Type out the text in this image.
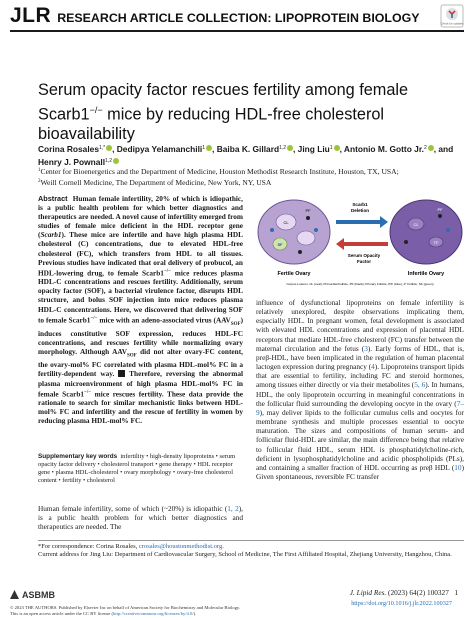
JLR RESEARCH ARTICLE COLLECTION: LIPOPROTEIN BIOLOGY	Check for updates
Serum opacity factor rescues fertility among female
Scarb1−/− mice by reducing HDL-free cholesterol
bioavailability
Corina Rosales$^{1,*}$ , Dedipya Yelamanchili$^1$ , Baiba K. Gillard$^{1,2}$ , Jing Liu$^1$ , Antonio M. Gotto Jr.$^2$ , and
Henry J. Pownall$^{1,2}$
$^1$Center for Bioenergetics and the Department of Medicine, Houston Methodist Research Institute, Houston, TX, USA;
$^2$Weill Cornell Medicine, The Department of Medicine, New York, NY, USA
Abstract Human female infertility, 20% of which is idiopathic, is a public health problem for which better diagnostics and therapeutics are needed. A novel cause of infertility emerged from studies of female mice deficient in the HDL receptor gene (Scarb1). These mice are infertile and have high plasma HDL cholesterol (C) concentrations, due to elevated HDL-free cholesterol (FC), which transfers from HDL to all tissues. Previous studies have indicated that oral delivery of probucol, an HDL-lowering drug, to female Scarb1−/− mice reduces plasma HDL-C concentrations and rescues fertility. Additionally, serum opacity factor (SOF), a bacterial virulence factor, disrupts HDL structure, and bolus SOF injection into mice reduces plasma HDL-C concentrations. Here, we discovered that delivering SOF to female Scarb1−/− mice with an adeno-associated virus $(AAV_{SOF})$ induces constitutive SOF expression, reduces HDL-FC concentrations, and rescues fertility while normalizing ovary morphology. Although $AAV_{SOF}$ did not alter ovary-FC content, the ovary-mol% FC correlated with plasma HDL-mol% FC in a fertility-dependent way.  Therefore, reversing the abnormal plasma microenvironment of high plasma HDL-mol% FC in female Scarb1−/− mice rescues fertility. These data provide the rationale to search for similar mechanistic links between HDL-mol% FC and infertility and the rescue of fertility in women by reducing plasma HDL-mol% FC.
CL
PF
SF
PF
CL
TF
Scarb1
Deletion
Serum Opacity
Factor
Fertile Ovary	Infertile Ovary
Corpus Luteum, CL (oval); Primordial Follicle, PF (black); Primary Follicle, P/F (blue); 2° Follicle, SF (green)
influence of dysfunctional lipoproteins on female infertility is relatively unexplored, despite observations implicating them, especially HDL. In pregnant women, fetal development is associated with elevated HDL concentrations and expression of placental HDL receptors that mediate HDL-free cholesterol (FC) transfer between the maternal circulation and the fetus (3). Early forms of HDL, that is, preβ-HDL, have been implicated in the regulation of human placental lactogen expression during pregnancy (4). Lipoproteins transport lipids that are essential to fertility, including FC and steroid hormones, among tissues either directly or via their metabolites (5, 6). In humans, HDL, the only lipoprotein occurring in meaningful concentrations in the follicular fluid surrounding the developing oocyte in the ovary (7–9), may deliver lipids to the follicular cumulus cells and oocytes for membrane synthesis and multiple processes essential to oocyte maturation. The sizes and compositions of human serum- and follicular fluid-HDL are similar, the main difference being that relative to follicular fluid HDL, serum HDL is phosphatidylcholine-rich, deficient in lysophosphatidylcholine and acidic phospholipids (PLs), and containing a smaller fraction of HDL occurring as preβ HDL (10) Given spontaneous, reversible FC transfer
Supplementary key words infertility • high-density lipoproteins • serum opacity factor delivery • cholesterol transport • gene therapy • HDL receptor gene • plasma HDL-cholesterol • ovary morphology • ovary-free cholesterol content • fertility • cholesterol
Human female infertility, some of which (~20%) is idiopathic (1, 2), is a public health problem for which better diagnostics and therapeutics are needed. The
*For correspondence: Corina Rosales, crosales@houstonmethodist.org.
Current address for Jing Liu: Department of Cardiovascular Surgery, School of Medicine, The First Affiliated Hospital, Zhejiang University, Hangzhou, China.
ASBMB	J. Lipid Res. (2023) 64(2) 100327 1
https://doi.org/10.1016/j.jlr.2022.100327
© 2023 THE AUTHORS. Published by Elsevier Inc on behalf of American Society for Biochemistry and Molecular Biology.
This is an open access article under the CC BY license (http://creativecommons.org/licenses/by/4.0/).
